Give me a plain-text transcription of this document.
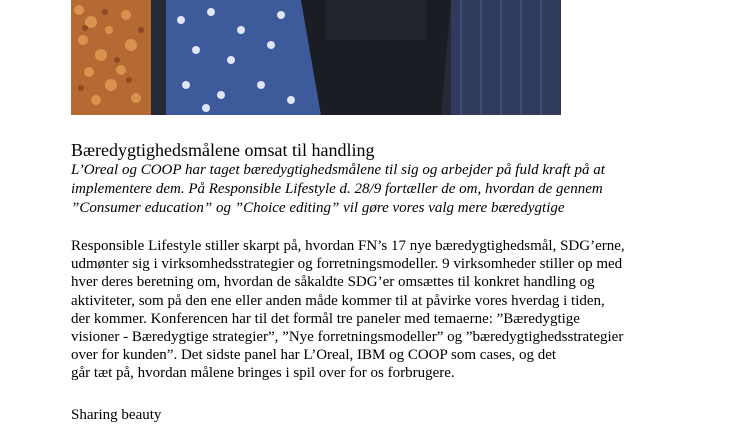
Bæredygtighedsmålene omsat til handling
L’Oreal og COOP har taget bæredygtighedsmålene til sig og arbejder på fuld kraft på at
implementere dem. På Responsible Lifestyle d. 28/9 fortæller de om, hvordan de gennem
”Consumer education” og ”Choice editing” vil gøre vores valg mere bæredygtige
Responsible Lifestyle stiller skarpt på, hvordan FN’s 17 nye bæredygtighedsmål, SDG’erne,
udmønter sig i virksomhedsstrategier og forretningsmodeller. 9 virksomheder stiller op med
hver deres beretning om, hvordan de såkaldte SDG’er omsættes til konkret handling og
aktiviteter, som på den ene eller anden måde kommer til at påvirke vores hverdag i tiden,
der kommer. Konferencen har til det formål tre paneler med temaerne: ”Bæredygtige
visioner - Bæredygtige strategier”, ”Nye forretningsmodeller” og ”bæredygtighedsstrategier
over for kunden”. Det sidste panel har L’Oreal, IBM og COOP som cases, og det
går tæt på, hvordan målene bringes i spil over for os forbrugere.
Sharing beauty
